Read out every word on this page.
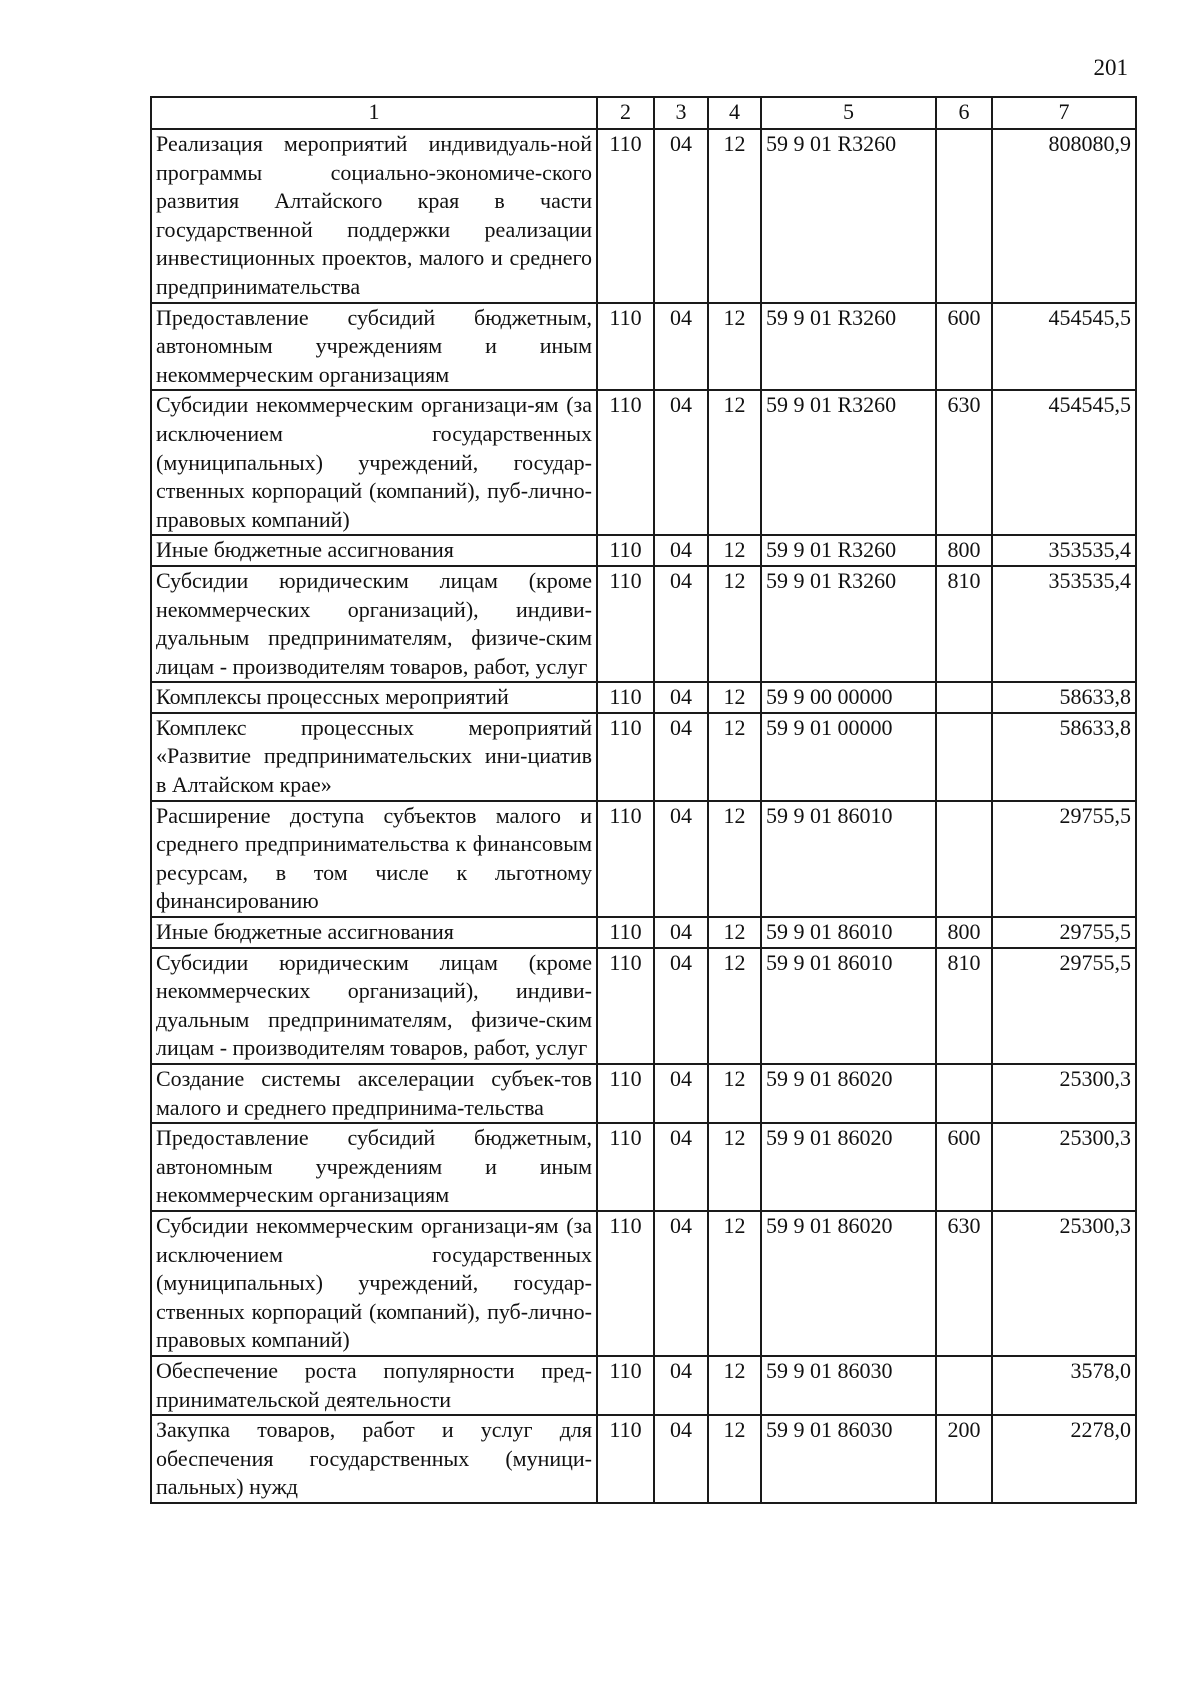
201
1	2	3	4	5	6	7
Реализация мероприятий индивидуаль-ной программы социально-экономиче-ского развития Алтайского края в части государственной поддержки реализации инвестиционных проектов, малого и среднего предпринимательства	110	04	12	59 9 01 R3260		808080,9
Предоставление субсидий бюджетным, автономным учреждениям и иным некоммерческим организациям	110	04	12	59 9 01 R3260	600	454545,5
Субсидии некоммерческим организаци-ям (за исключением государственных (муниципальных) учреждений, государ-ственных корпораций (компаний), пуб-лично-правовых компаний)	110	04	12	59 9 01 R3260	630	454545,5
Иные бюджетные ассигнования	110	04	12	59 9 01 R3260	800	353535,4
Субсидии юридическим лицам (кроме некоммерческих организаций), индиви-дуальным предпринимателям, физиче-ским лицам - производителям товаров, работ, услуг	110	04	12	59 9 01 R3260	810	353535,4
Комплексы процессных мероприятий	110	04	12	59 9 00 00000		58633,8
Комплекс процессных мероприятий «Развитие предпринимательских ини-циатив в Алтайском крае»	110	04	12	59 9 01 00000		58633,8
Расширение доступа субъектов малого и среднего предпринимательства к финансовым ресурсам, в том числе к льготному финансированию	110	04	12	59 9 01 86010		29755,5
Иные бюджетные ассигнования	110	04	12	59 9 01 86010	800	29755,5
Субсидии юридическим лицам (кроме некоммерческих организаций), индиви-дуальным предпринимателям, физиче-ским лицам - производителям товаров, работ, услуг	110	04	12	59 9 01 86010	810	29755,5
Создание системы акселерации субъек-тов малого и среднего предпринима-тельства	110	04	12	59 9 01 86020		25300,3
Предоставление субсидий бюджетным, автономным учреждениям и иным некоммерческим организациям	110	04	12	59 9 01 86020	600	25300,3
Субсидии некоммерческим организаци-ям (за исключением государственных (муниципальных) учреждений, государ-ственных корпораций (компаний), пуб-лично-правовых компаний)	110	04	12	59 9 01 86020	630	25300,3
Обеспечение роста популярности пред-принимательской деятельности	110	04	12	59 9 01 86030		3578,0
Закупка товаров, работ и услуг для обеспечения государственных (муници-пальных) нужд	110	04	12	59 9 01 86030	200	2278,0
